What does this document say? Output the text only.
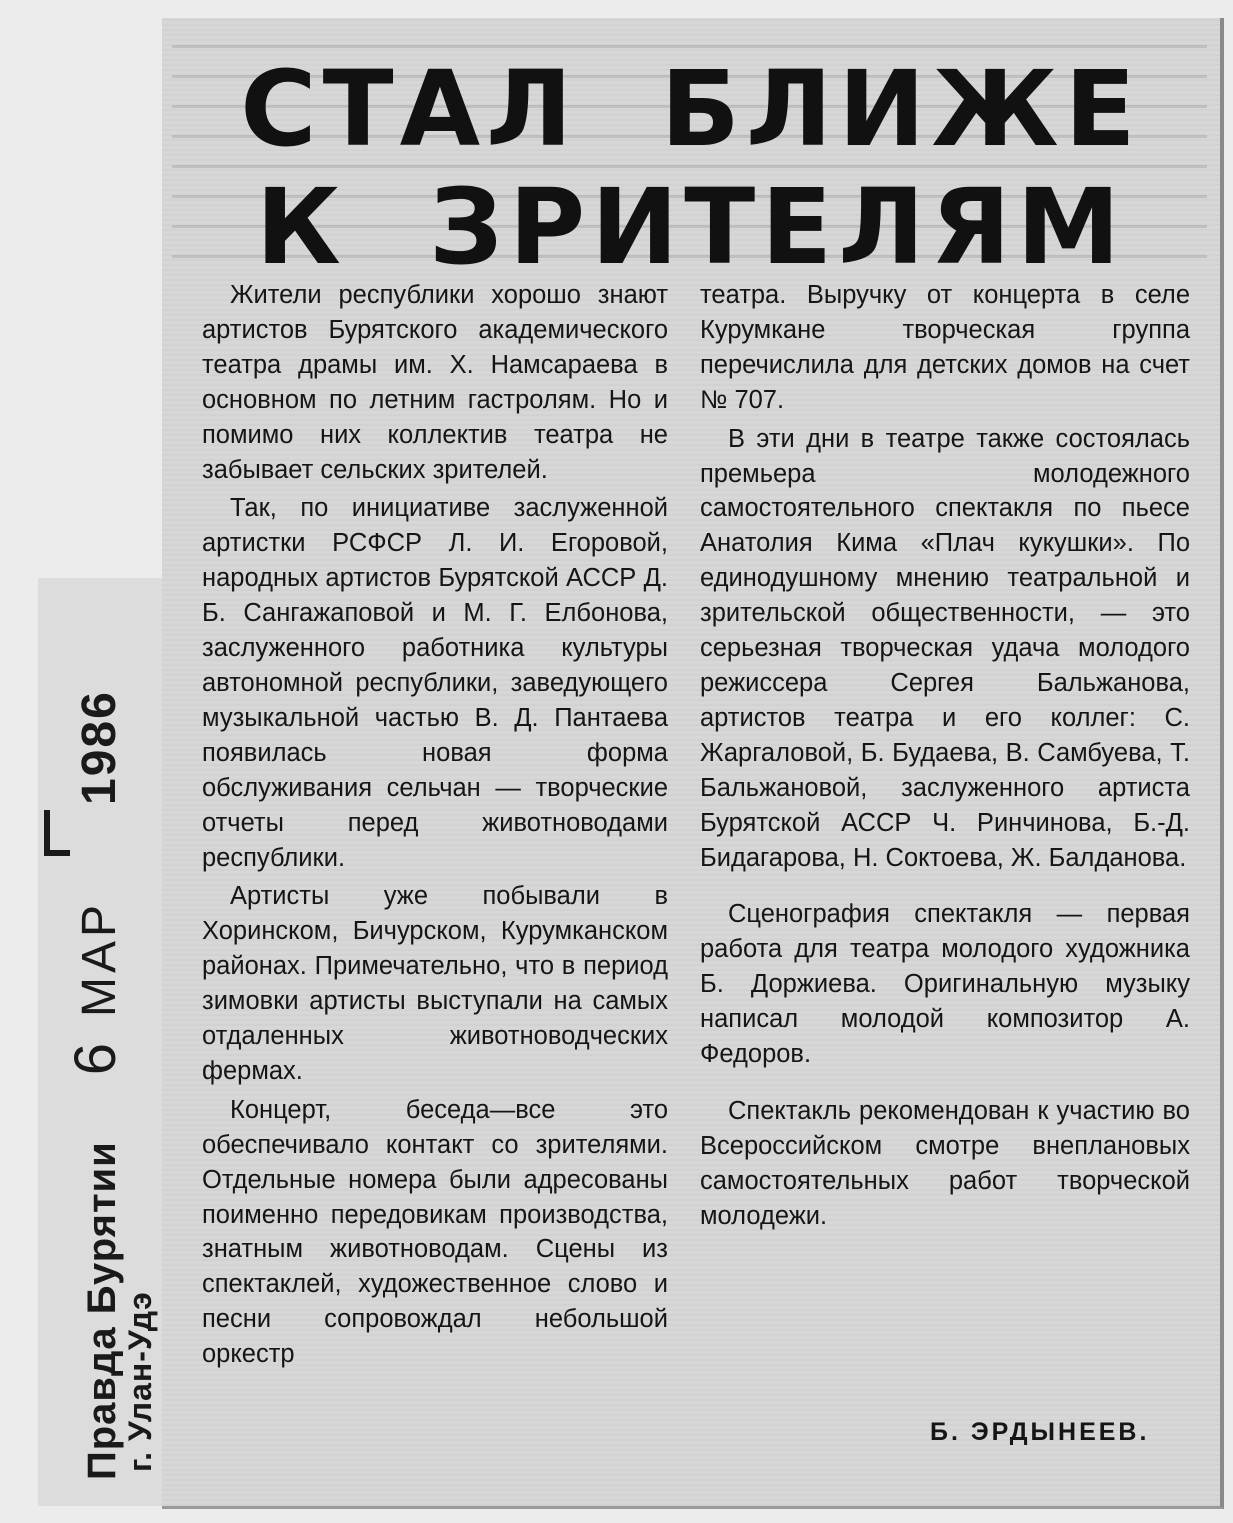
Правда Бурятии
6
МАР
1986
г. Улан-Удэ
СТАЛ БЛИЖЕ
К ЗРИТЕЛЯМ

Жители республики хорошо знают артистов Бурятского академического театра драмы им. Х. Намсараева в основном по летним гастролям. Но и помимо них коллектив театра не забывает сельских зрителей.

Так, по инициативе заслуженной артистки РСФСР Л. И. Егоровой, народных артистов Бурятской АССР Д. Б. Сангажаповой и М. Г. Елбонова, заслуженного работника культуры автономной республики, заведующего музыкальной частью В. Д. Пантаева появилась новая форма обслуживания сельчан — творческие отчеты перед животноводами республики.

Артисты уже побывали в Хоринском, Бичурском, Курумканском районах. Примечательно, что в период зимовки артисты выступали на самых отдаленных животноводческих фермах.

Концерт, беседа—все это обеспечивало контакт со зрителями. Отдельные номера были адресованы поименно передовикам производства, знатным животноводам. Сцены из спектаклей, художественное слово и песни сопровождал небольшой оркестр

театра. Выручку от концерта в селе Курумкане творческая группа перечислила для детских домов на счет № 707.

В эти дни в театре также состоялась премьера молодежного самостоятельного спектакля по пьесе Анатолия Кима «Плач кукушки». По единодушному мнению театральной и зрительской общественности, — это серьезная творческая удача молодого режиссера Сергея Бальжанова, артистов театра и его коллег: С. Жаргаловой, Б. Будаева, В. Самбуева, Т. Бальжановой, заслуженного артиста Бурятской АССР Ч. Ринчинова, Б.-Д. Бидагарова, Н. Соктоева, Ж. Балданова.

Сценография спектакля — первая работа для театра молодого художника Б. Доржиева. Оригинальную музыку написал молодой композитор А. Федоров.

Спектакль рекомендован к участию во Всероссийском смотре внеплановых самостоятельных работ творческой молодежи.

Б. ЭРДЫНЕЕВ.
